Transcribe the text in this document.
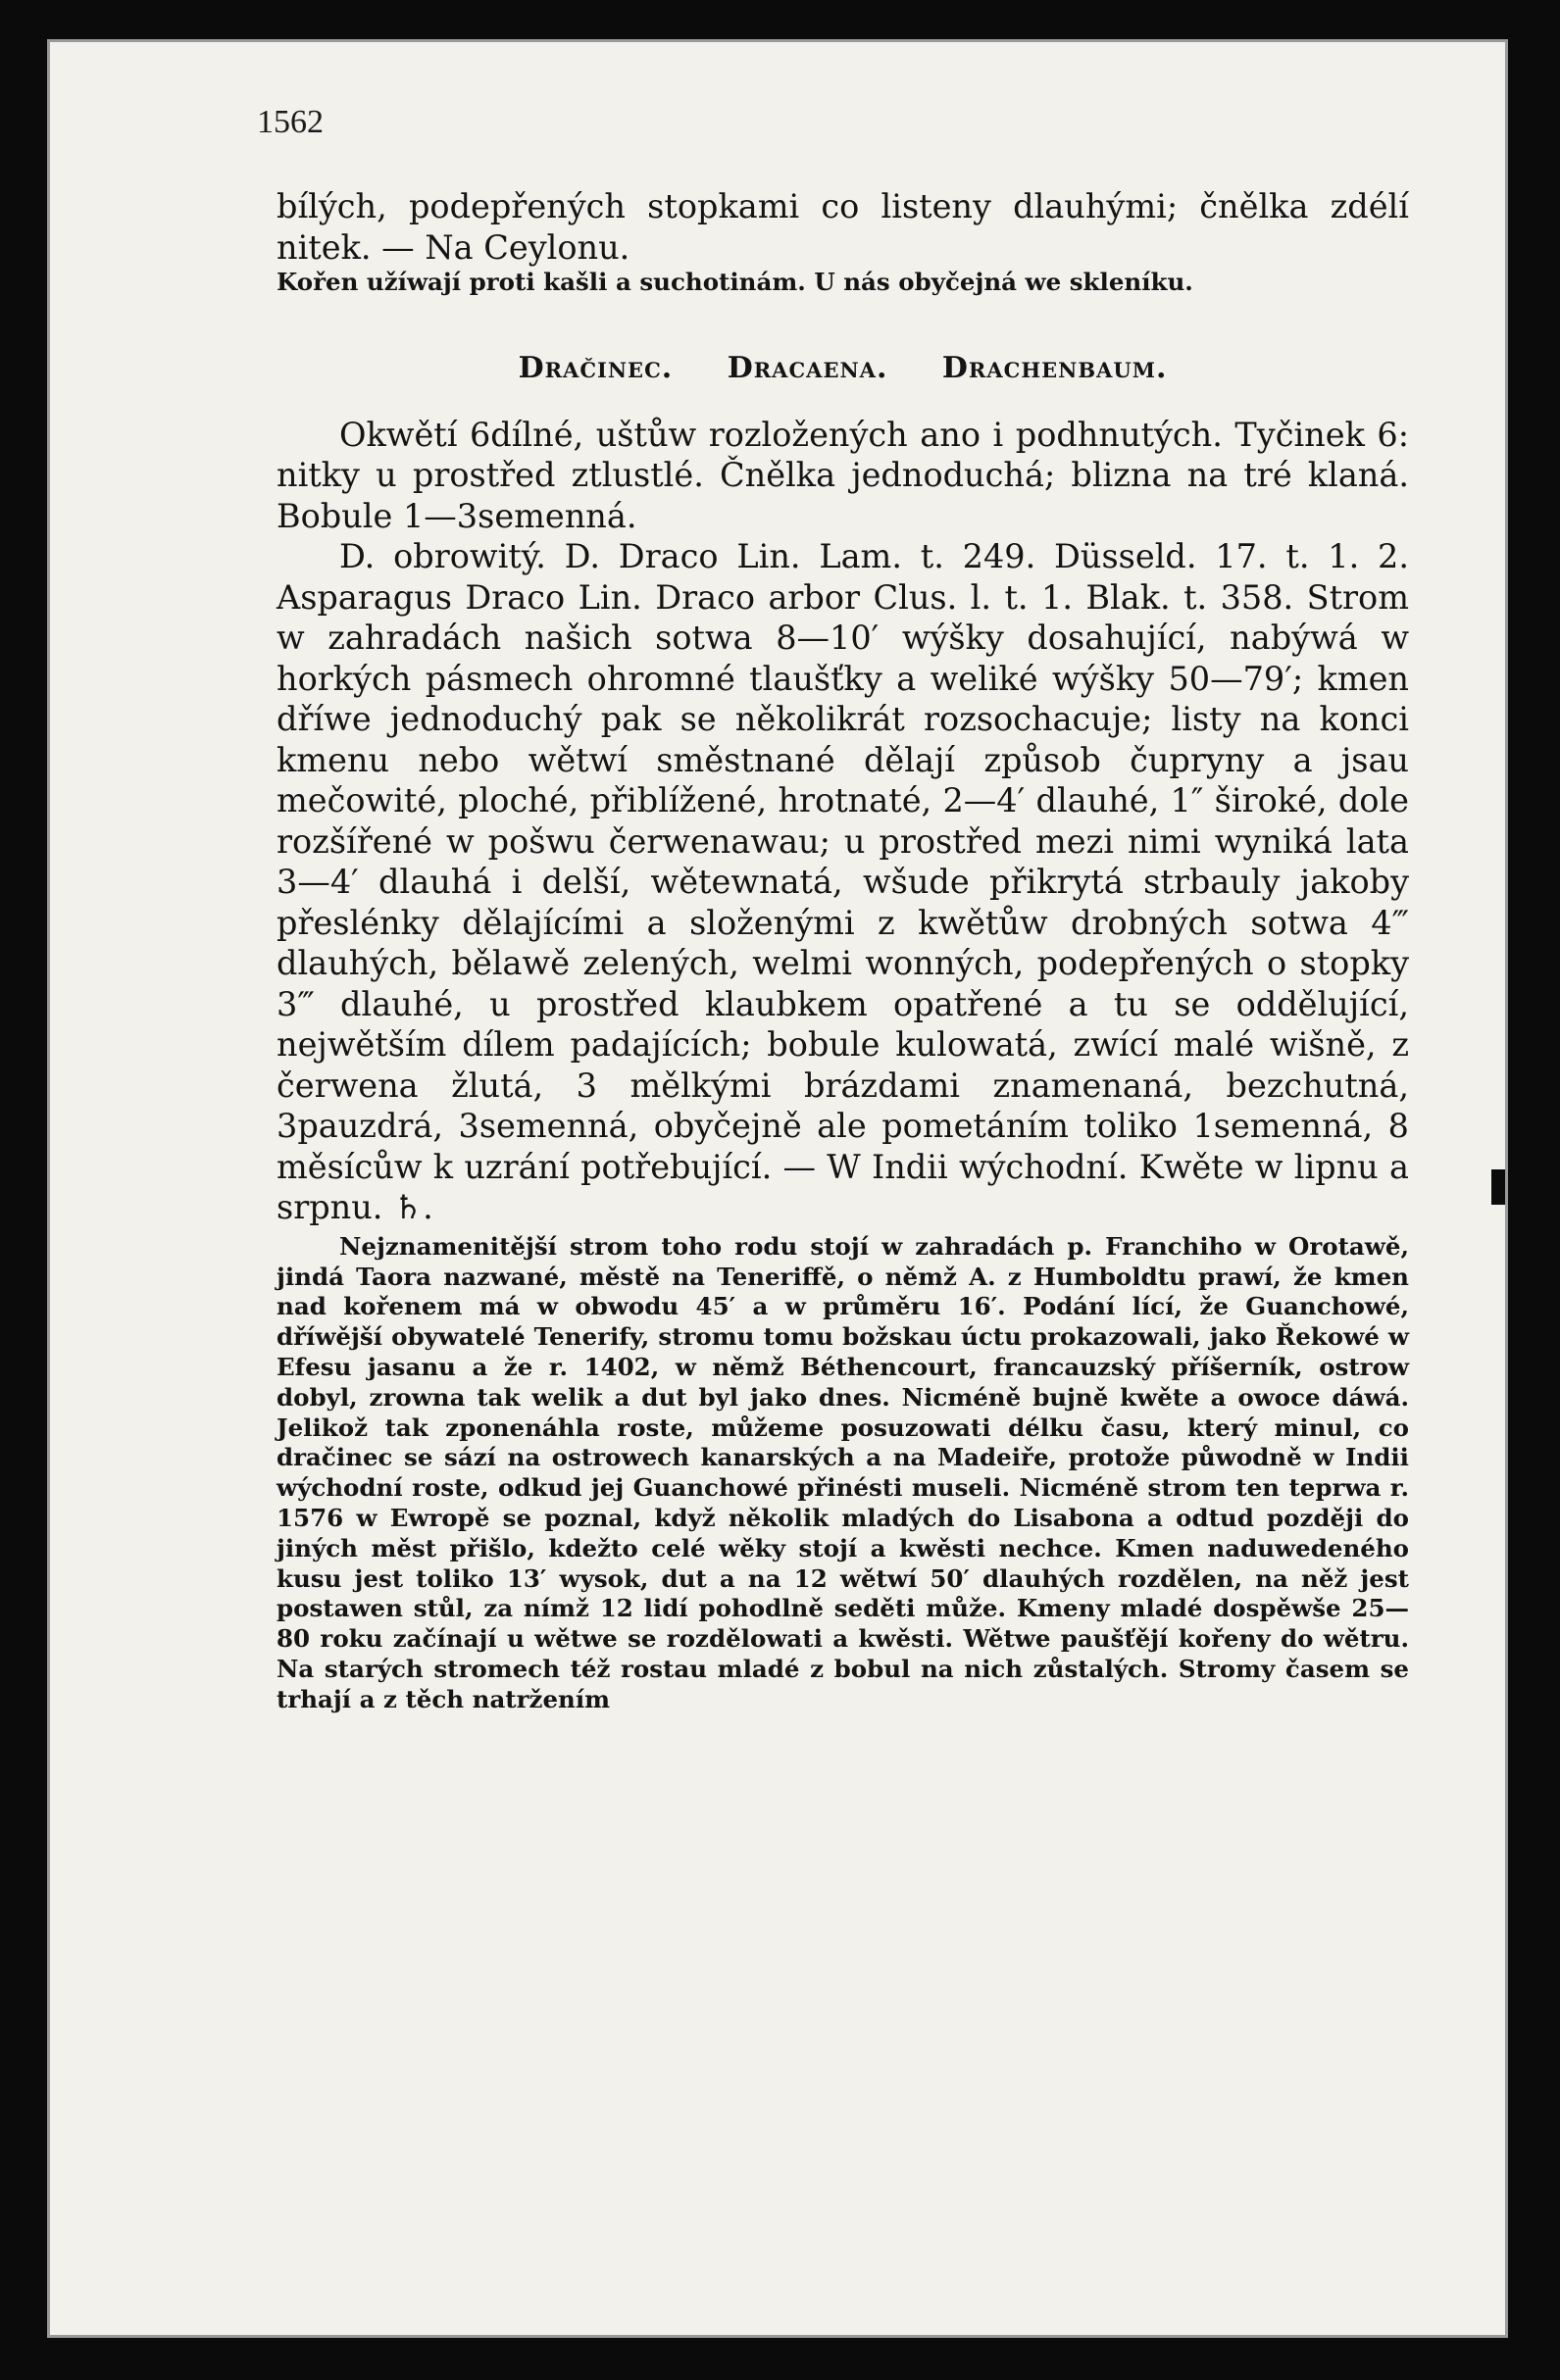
1562

bílých, podepřených stopkami co listeny dlauhými; čnělka zdélí nitek. — Na Ceylonu.

Kořen užíwají proti kašli a suchotinám. U nás obyčejná we skleníku.

Dračinec. Dracaena. Drachenbaum.

Okwětí 6dílné, uštůw rozložených ano i podhnutých. Tyčinek 6: nitky u prostřed ztlustlé. Čnělka jednoduchá; blizna na tré klaná. Bobule 1—3semenná.

D. obrowitý. D. Draco Lin. Lam. t. 249. Düsseld. 17. t. 1. 2. Asparagus Draco Lin. Draco arbor Clus. l. t. 1. Blak. t. 358. Strom w zahradách našich sotwa 8—10′ wýšky dosahující, nabýwá w horkých pásmech ohromné tlaušťky a weliké wýšky 50—79′; kmen dříwe jednoduchý pak se několikrát rozsochacuje; listy na konci kmenu nebo wětwí směstnané dělají způsob čupryny a jsau mečowité, ploché, přiblížené, hrotnaté, 2—4′ dlauhé, 1″ široké, dole rozšířené w pošwu čerwenawau; u prostřed mezi nimi wyniká lata 3—4′ dlauhá i delší, wětewnatá, wšude přikrytá strbauly jakoby přeslénky dělajícími a složenými z kwětůw drobných sotwa 4‴ dlauhých, bělawě zelených, welmi wonných, podepřených o stopky 3‴ dlauhé, u prostřed klaubkem opatřené a tu se oddělující, nejwětším dílem padajících; bobule kulowatá, zwící malé wišně, z čerwena žlutá, 3 mělkými brázdami znamenaná, bezchutná, 3pauzdrá, 3semenná, obyčejně ale pometáním toliko 1semenná, 8 měsícůw k uzrání potřebující. — W Indii wýchodní. Kwěte w lipnu a srpnu. ♄.

Nejznamenitější strom toho rodu stojí w zahradách p. Franchiho w Orotawě, jindá Taora nazwané, městě na Teneriffě, o němž A. z Humboldtu prawí, že kmen nad kořenem má w obwodu 45′ a w průměru 16′. Podání lící, že Guanchowé, dříwější obywatelé Tenerify, stromu tomu božskau úctu prokazowali, jako Řekowé w Efesu jasanu a že r. 1402, w němž Béthencourt, francauzský příšerník, ostrow dobyl, zrowna tak welik a dut byl jako dnes. Nicméně bujně kwěte a owoce dáwá. Jelikož tak zponenáhla roste, můžeme posuzowati délku času, který minul, co dračinec se sází na ostrowech kanarských a na Madeiře, protože půwodně w Indii wýchodní roste, odkud jej Guanchowé přinésti museli. Nicméně strom ten teprwa r. 1576 w Ewropě se poznal, když několik mladých do Lisabona a odtud později do jiných měst přišlo, kdežto celé wěky stojí a kwěsti nechce. Kmen naduwedeného kusu jest toliko 13′ wysok, dut a na 12 wětwí 50′ dlauhých rozdělen, na něž jest postawen stůl, za nímž 12 lidí pohodlně seděti může. Kmeny mladé dospěwše 25—80 roku začínají u wětwe se rozdělowati a kwěsti. Wětwe paušťějí kořeny do wětru. Na starých stromech též rostau mladé z bobul na nich zůstalých. Stromy časem se trhají a z těch natržením
